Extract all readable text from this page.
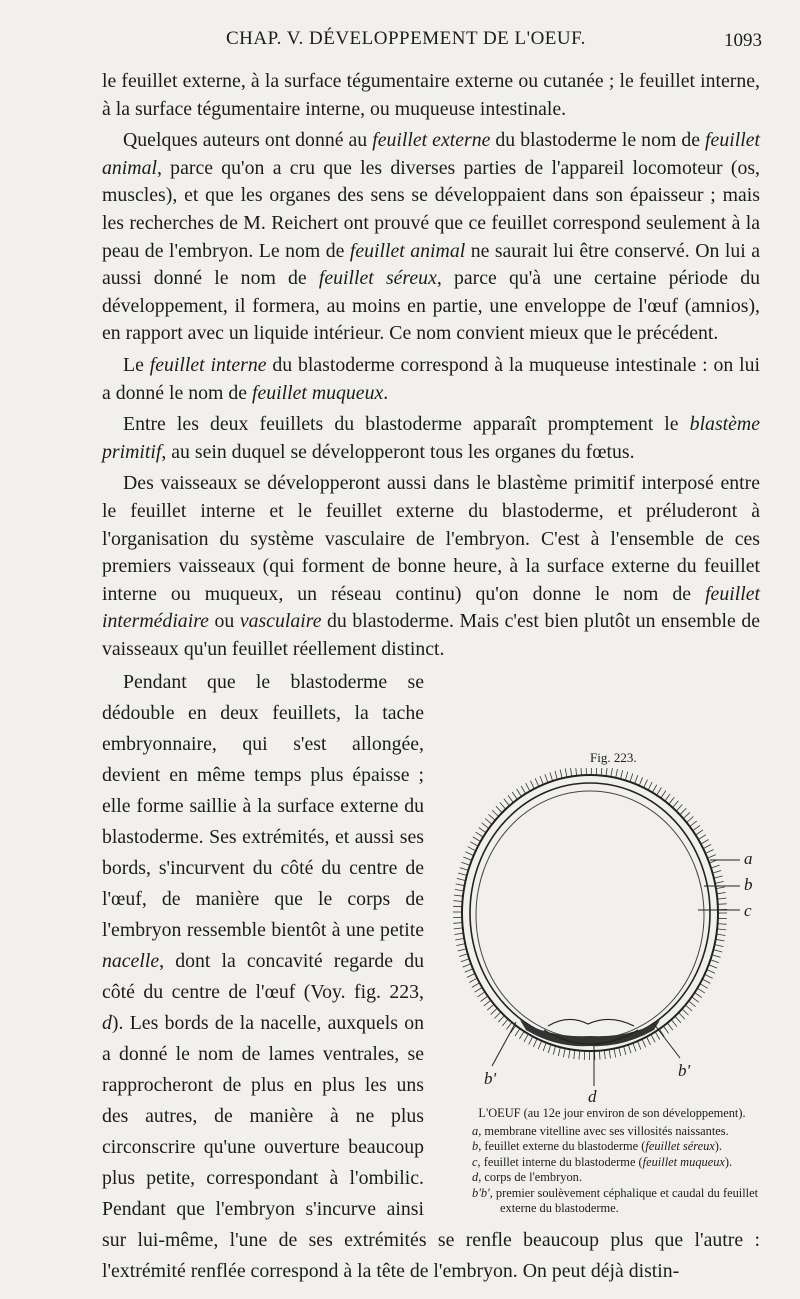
CHAP. V. DÉVELOPPEMENT DE L'OEUF.	1093

le feuillet externe, à la surface tégumentaire externe ou cutanée ; le feuillet interne, à la surface tégumentaire interne, ou muqueuse intestinale.

Quelques auteurs ont donné au feuillet externe du blastoderme le nom de feuillet animal, parce qu'on a cru que les diverses parties de l'appareil locomoteur (os, muscles), et que les organes des sens se développaient dans son épaisseur ; mais les recherches de M. Reichert ont prouvé que ce feuillet correspond seulement à la peau de l'embryon. Le nom de feuillet animal ne saurait lui être conservé. On lui a aussi donné le nom de feuillet séreux, parce qu'à une certaine période du développement, il formera, au moins en partie, une enveloppe de l'œuf (amnios), en rapport avec un liquide intérieur. Ce nom convient mieux que le précédent.

Le feuillet interne du blastoderme correspond à la muqueuse intestinale : on lui a donné le nom de feuillet muqueux.

Entre les deux feuillets du blastoderme apparaît promptement le blastème primitif, au sein duquel se développeront tous les organes du fœtus.

Des vaisseaux se développeront aussi dans le blastème primitif interposé entre le feuillet interne et le feuillet externe du blastoderme, et préluderont à l'organisation du système vasculaire de l'embryon. C'est à l'ensemble de ces premiers vaisseaux (qui forment de bonne heure, à la surface externe du feuillet interne ou muqueux, un réseau continu) qu'on donne le nom de feuillet intermédiaire ou vasculaire du blastoderme. Mais c'est bien plutôt un ensemble de vaisseaux qu'un feuillet réellement distinct.

Pendant que le blastoderme se dédouble en deux feuillets, la tache embryonnaire, qui s'est allongée, devient en même temps plus épaisse ; elle forme saillie à la surface externe du blastoderme. Ses extrémités, et aussi ses bords, s'incurvent du côté du centre de l'œuf, de manière que le corps de l'embryon ressemble bientôt à une petite nacelle, dont la concavité regarde du côté du centre de l'œuf (Voy. fig. 223, d). Les bords de la nacelle, auxquels on a donné le nom de lames ventrales, se rapprocheront de plus en plus les uns des autres, de manière à ne plus circonscrire qu'une ouverture beaucoup plus petite, correspondant à l'ombilic. Pendant que l'embryon s'incurve ainsi sur lui-même, l'une de ses extrémités se renfle beaucoup plus que l'autre : l'extrémité renflée correspond à la tête de l'embryon. On peut déjà distin-

Fig. 223.
a
b
c
b'	b'
d
L'OEUF (au 12e jour environ de son développement).
a, membrane vitelline avec ses villosités naissantes.
b, feuillet externe du blastoderme (feuillet séreux).
c, feuillet interne du blastoderme (feuillet muqueux).
d, corps de l'embryon.
b'b', premier soulèvement céphalique et caudal du feuillet externe du blastoderme.
